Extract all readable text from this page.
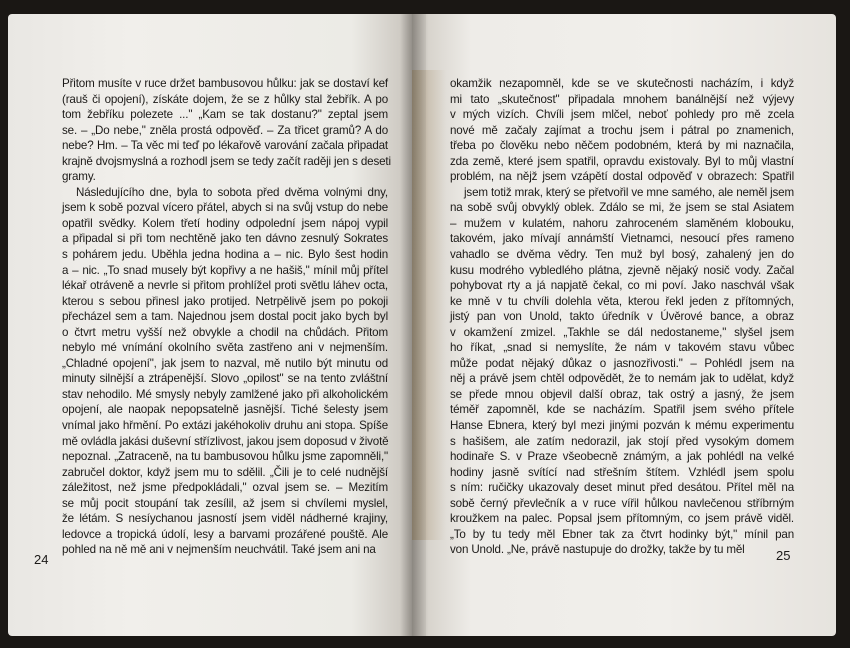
Přitom musíte v ruce držet bambusovou hůlku: jak se dostaví kef
(rauš či opojení), získáte dojem, že se z hůlky stal žebřík. A po
tom žebříku polezete ..." „Kam se tak dostanu?" zeptal jsem
se. – „Do nebe," zněla prostá odpověď. – Za třicet gramů? A do
nebe? Hm. – Ta věc mi teď po lékařově varování začala připadat
krajně dvojsmyslná a rozhodl jsem se tedy začít raději jen s deseti
gramy.
Následujícího dne, byla to sobota před dvěma volnými dny,
jsem k sobě pozval vícero přátel, abych si na svůj vstup do nebe
opatřil svědky. Kolem třetí hodiny odpolední jsem nápoj vypil
a připadal si při tom nechtěně jako ten dávno zesnulý Sokrates
s pohárem jedu. Uběhla jedna hodina a – nic. Bylo šest hodin
a – nic. „To snad musely být kopřivy a ne hašiš," mínil můj přítel
lékař otráveně a nevrle si přitom prohlížel proti světlu láhev octa,
kterou s sebou přinesl jako protijed. Netrpělivě jsem po pokoji
přecházel sem a tam. Najednou jsem dostal pocit jako bych byl
o čtvrt metru vyšší než obvykle a chodil na chůdách. Přitom
nebylo mé vnímání okolního světa zastřeno ani v nejmenším.
„Chladné opojení", jak jsem to nazval, mě nutilo být minutu od
minuty silnější a ztrápenější. Slovo „opilost" se na tento zvláštní
stav nehodilo. Mé smysly nebyly zamlžené jako při alkoholickém
opojení, ale naopak nepopsatelně jasnější. Tiché šelesty jsem
vnímal jako hřmění. Po extázi jakéhokoliv druhu ani stopa. Spíše
mě ovládla jakási duševní střízlivost, jakou jsem doposud v životě
nepoznal. „Zatraceně, na tu bambusovou hůlku jsme zapomněli,"
zabručel doktor, když jsem mu to sdělil. „Čili je to celé nudnější
záležitost, než jsme předpokládali," ozval jsem se. – Mezitím
se můj pocit stoupání tak zesílil, až jsem si chvílemi myslel,
že létám. S nesíychanou jasností jsem viděl nádherné krajiny,
ledovce a tropická údolí, lesy a barvami prozářené pouště. Ale
pohled na ně mě ani v nejmenším neuchvátil. Také jsem ani na
24
okamžik nezapomněl, kde se ve skutečnosti nacházím, i když
mi tato „skutečnost" připadala mnohem banálnější než výjevy
v mých vizích. Chvíli jsem mlčel, neboť pohledy pro mě zcela
nové mě začaly zajímat a trochu jsem i pátral po znamenich,
třeba po člověku nebo něčem podobném, která by mi naznačila,
zda země, které jsem spatřil, opravdu existovaly. Byl to můj vlastní
problém, na nějž jsem vzápětí dostal odpověď v obrazech: Spatřil
jsem totiž mrak, který se přetvořil ve mne samého, ale neměl jsem
na sobě svůj obvyklý oblek. Zdálo se mi, že jsem se stal Asiatem
– mužem v kulatém, nahoru zahroceném slaměném klobouku,
takovém, jako mívají annámští Vietnamci, nesoucí přes rameno
vahadlo se dvěma vědry. Ten muž byl bosý, zahalený jen do
kusu modrého vybledlého plátna, zjevně nějaký nosič vody. Začal
pohybovat rty a já napjatě čekal, co mi poví. Jako naschvál však
ke mně v tu chvíli dolehla věta, kterou řekl jeden z přítomných,
jistý pan von Unold, takto úředník v Úvěrové bance, a obraz
v okamžení zmizel. „Takhle se dál nedostaneme," slyšel jsem
ho říkat, „snad si nemyslíte, že nám v takovém stavu vůbec
může podat nějaký důkaz o jasnozřivosti." – Pohlédl jsem na
něj a právě jsem chtěl odpovědět, že to nemám jak to udělat, když
se přede mnou objevil další obraz, tak ostrý a jasný, že jsem
téměř zapomněl, kde se nacházím. Spatřil jsem svého přítele
Hanse Ebnera, který byl mezi jinými pozván k mému experimentu
s hašišem, ale zatím nedorazil, jak stojí před vysokým domem
hodinaře S. v Praze všeobecně známým, a jak pohlédl na velké
hodiny jasně svítící nad střešním štítem. Vzhlédl jsem spolu
s ním: ručičky ukazovaly deset minut před desátou. Přítel měl na
sobě černý převlečník a v ruce vířil hůlkou navlečenou stříbrným
kroužkem na palec. Popsal jsem přítomným, co jsem právě viděl.
„To by tu tedy měl Ebner tak za čtvrt hodinky být," mínil pan
von Unold. „Ne, právě nastupuje do drožky, takže by tu měl	25
